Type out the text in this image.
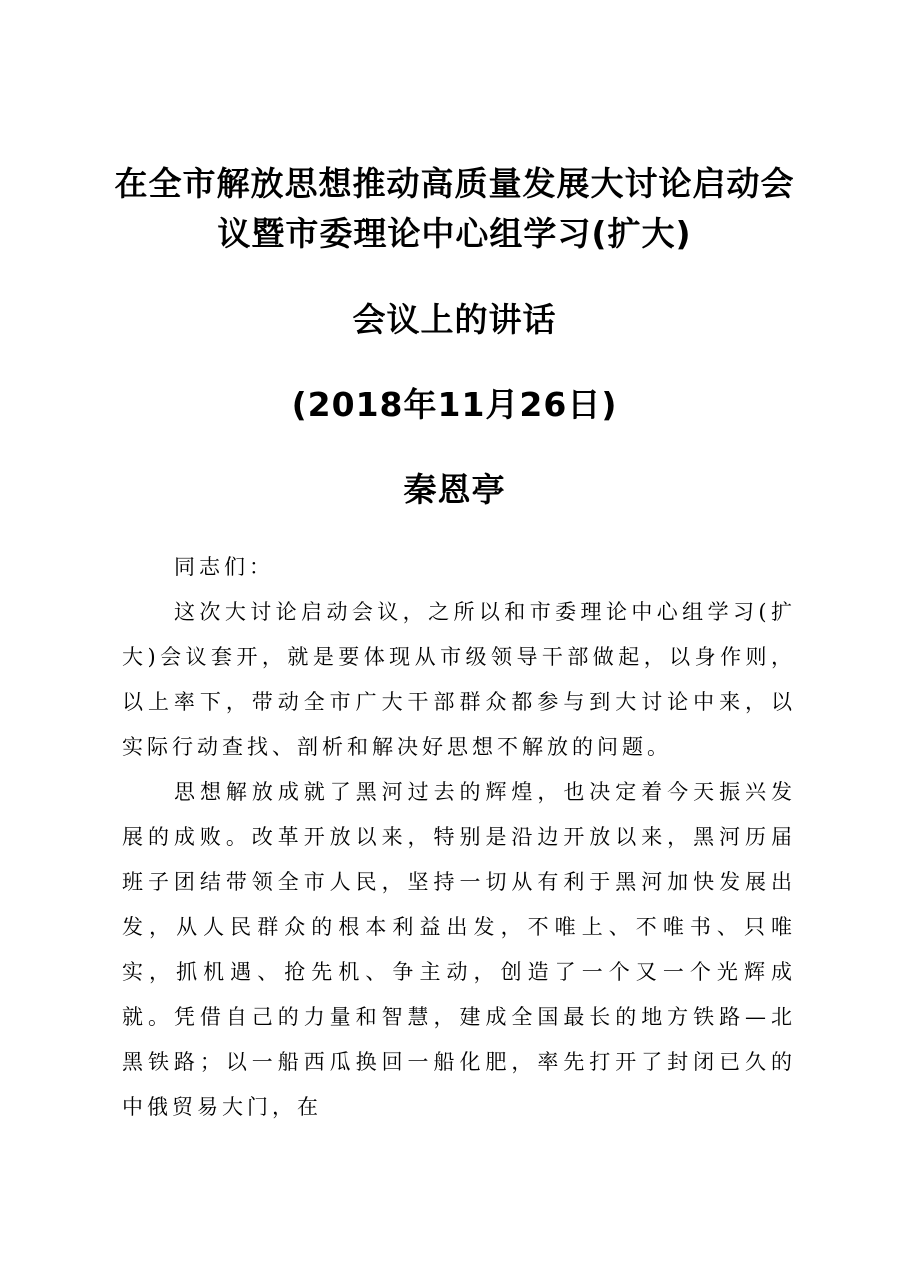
在全市解放思想推动高质量发展大讨论启动会
议暨市委理论中心组学习(扩大)
会议上的讲话
(2018年11月26日)
秦恩亭

同志们：

这次大讨论启动会议，之所以和市委理论中心组学习(扩大)会议套开，就是要体现从市级领导干部做起，以身作则，以上率下，带动全市广大干部群众都参与到大讨论中来，以实际行动查找、剖析和解决好思想不解放的问题。

思想解放成就了黑河过去的辉煌，也决定着今天振兴发展的成败。改革开放以来，特别是沿边开放以来，黑河历届班子团结带领全市人民，坚持一切从有利于黑河加快发展出发，从人民群众的根本利益出发，不唯上、不唯书、只唯实，抓机遇、抢先机、争主动，创造了一个又一个光辉成就。凭借自己的力量和智慧，建成全国最长的地方铁路—北黑铁路；以一船西瓜换回一船化肥，率先打开了封闭已久的中俄贸易大门，在
